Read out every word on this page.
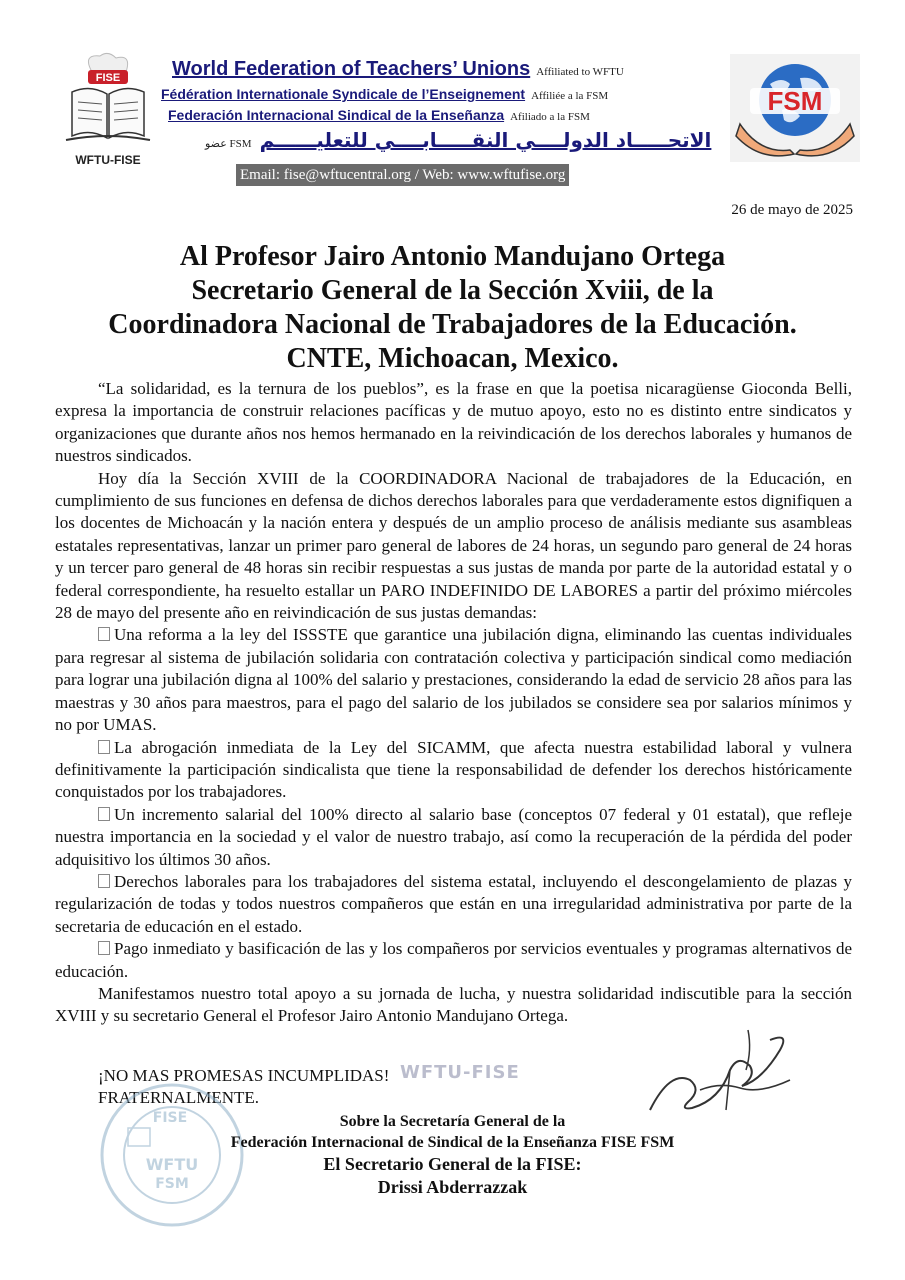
FISE
WFTU-FISE
World Federation of Teachers’ Unions Affiliated to WFTU
Fédération Internationale Syndicale de l’Enseignement Affiliée a la FSM
Federación Internacional Sindical de la Enseñanza Afiliado a la FSM
عضو FSM الاتحـــــاد الدولــــي النقـــــابــــي للتعليــــــم
FSM
Email: fise@wftucentral.org / Web: www.wftufise.org
26 de mayo de 2025
Al Profesor Jairo Antonio Mandujano Ortega
Secretario General de la Sección Xviii, de la
Coordinadora Nacional de Trabajadores de la Educación.
CNTE, Michoacan, Mexico.

“La solidaridad, es la ternura de los pueblos”, es la frase en que la poetisa nicaragüense Gioconda Belli, expresa la importancia de construir relaciones pacíficas y de mutuo apoyo, esto no es distinto entre sindicatos y organizaciones que durante años nos hemos hermanado en la reivindicación de los derechos laborales y humanos de nuestros sindicados.

Hoy día la Sección XVIII de la COORDINADORA Nacional de trabajadores de la Educación, en cumplimiento de sus funciones en defensa de dichos derechos laborales para que verdaderamente estos dignifiquen a los docentes de Michoacán y la nación entera y después de un amplio proceso de análisis mediante sus asambleas estatales representativas, lanzar un primer paro general de labores de 24 horas, un segundo paro general de 24 horas y un tercer paro general de 48 horas sin recibir respuestas a sus justas de manda por parte de la autoridad estatal y o federal correspondiente, ha resuelto estallar un PARO INDEFINIDO DE LABORES a partir del próximo miércoles 28 de mayo del presente año en reivindicación de sus justas demandas:

Una reforma a la ley del ISSSTE que garantice una jubilación digna, eliminando las cuentas individuales para regresar al sistema de jubilación solidaria con contratación colectiva y participación sindical como mediación para lograr una jubilación digna al 100% del salario y prestaciones, considerando la edad de servicio 28 años para las maestras y 30 años para maestros, para el pago del salario de los jubilados se considere sea por salarios mínimos y no por UMAS.

La abrogación inmediata de la Ley del SICAMM, que afecta nuestra estabilidad laboral y vulnera definitivamente la participación sindicalista que tiene la responsabilidad de defender los derechos históricamente conquistados por los trabajadores.

Un incremento salarial del 100% directo al salario base (conceptos 07 federal y 01 estatal), que refleje nuestra importancia en la sociedad y el valor de nuestro trabajo, así como la recuperación de la pérdida del poder adquisitivo los últimos 30 años.

Derechos laborales para los trabajadores del sistema estatal, incluyendo el descongelamiento de plazas y regularización de todas y todos nuestros compañeros que están en una irregularidad administrativa por parte de la secretaria de educación en el estado.

Pago inmediato y basificación de las y los compañeros por servicios eventuales y programas alternativos de educación.

Manifestamos nuestro total apoyo a su jornada de lucha, y nuestra solidaridad indiscutible para la sección XVIII y su secretario General el Profesor Jairo Antonio Mandujano Ortega.

¡NO MAS PROMESAS INCUMPLIDAS!
FRATERNALMENTE.
FISE
WFTU
FSM
WFTU-FISE
Sobre la Secretaría General de la
Federación Internacional de Sindical de la Enseñanza FISE FSM
El Secretario General de la FISE:
Drissi Abderrazzak
